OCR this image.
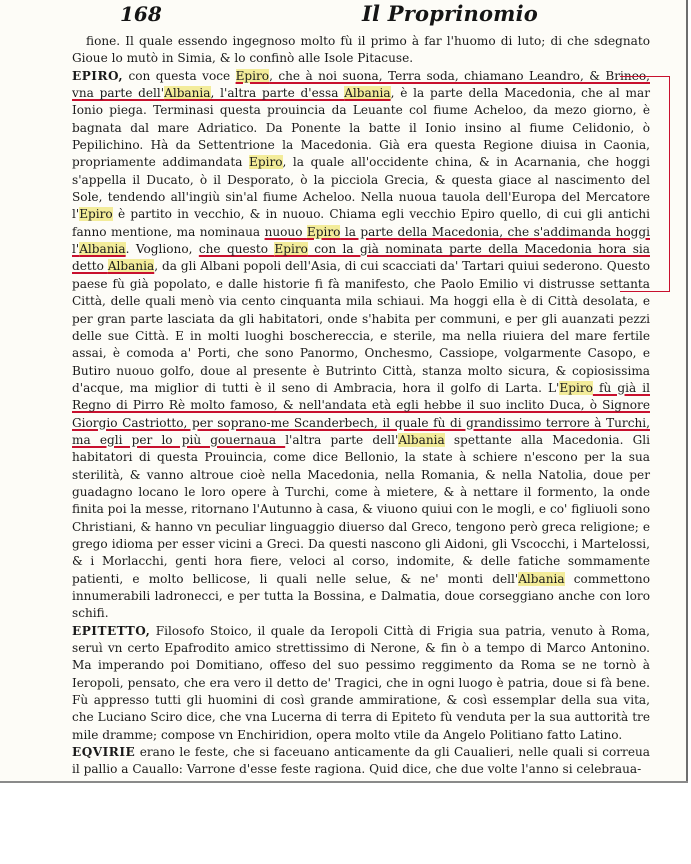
168	Il Proprinomio

fione. Il quale essendo ingegnoso molto fù il primo à far l'huomo di luto; di che sdegnato Gioue lo mutò in Simia, & lo confinò alle Isole Pitacuse.

EPIRO, con questa voce Epiro, che à noi suona, Terra soda, chiamano Leandro, & Brineo, vna parte dell'Albania, l'altra parte d'essa Albania, è la parte della Macedonia, che al mar Ionio piega. Terminasi questa prouincia da Leuante col fiume Acheloo, da mezo giorno, è bagnata dal mare Adriatico. Da Ponente la batte il Ionio insino al fiume Celidonio, ò Pepilichino. Hà da Settentrione la Macedonia. Già era questa Regione diuisa in Caonia, propriamente addimandata Epiro, la quale all'occidente china, & in Acarnania, che hoggi s'appella il Ducato, ò il Desporato, ò la picciola Grecia, & questa giace al nascimento del Sole, tendendo all'ingiù sin'al fiume Acheloo. Nella nuoua tauola dell'Europa del Mercatore l'Epiro è partito in vecchio, & in nuouo. Chiama egli vecchio Epiro quello, di cui gli antichi fanno mentione, ma nominaua nuouo Epiro la parte della Macedonia, che s'addimanda hoggi l'Albania. Vogliono, che questo Epiro con la già nominata parte della Macedonia hora sia detto Albania, da gli Albani popoli dell'Asia, di cui scacciati da' Tartari quiui sederono. Questo paese fù già popolato, e dalle historie fi fà manifesto, che Paolo Emilio vi distrusse settanta Città, delle quali menò via cento cinquanta mila schiaui. Ma hoggi ella è di Città desolata, e per gran parte lasciata da gli habitatori, onde s'habita per communi, e per gli auanzati pezzi delle sue Città. E in molti luoghi boschereccia, e sterile, ma nella riuiera del mare fertile assai, è comoda a' Porti, che sono Panormo, Onchesmo, Cassiope, volgarmente Casopo, e Butiro nuouo golfo, doue al presente è Butrinto Città, stanza molto sicura, & copiosissima d'acque, ma miglior di tutti è il seno di Ambracia, hora il golfo di Larta. L'Epiro fù già il Regno di Pirro Rè molto famoso, & nell'andata età egli hebbe il suo inclito Duca, ò Signore Giorgio Castriotto, per soprano-me Scanderbech, il quale fù di grandissimo terrore à Turchi, ma egli per lo più gouernaua l'altra parte dell'Albania spettante alla Macedonia. Gli habitatori di questa Prouincia, come dice Bellonio, la state à schiere n'escono per la sua sterilità, & vanno altroue cioè nella Macedonia, nella Romania, & nella Natolia, doue per guadagno locano le loro opere à Turchi, come à mietere, & à nettare il formento, la onde finita poi la messe, ritornano l'Autunno à casa, & viuono quiui con le mogli, e co' figliuoli sono Christiani, & hanno vn peculiar linguaggio diuerso dal Greco, tengono però greca religione; e grego idioma per esser vicini a Greci. Da questi nascono gli Aidoni, gli Vscocchi, i Martelossi, & i Morlacchi, genti hora fiere, veloci al corso, indomite, & delle fatiche sommamente patienti, e molto bellicose, li quali nelle selue, & ne' monti dell'Albania commettono innumerabili ladronecci, e per tutta la Bossina, e Dalmatia, doue corseggiano anche con loro schifi.

EPITETTO, Filosofo Stoico, il quale da Ieropoli Città di Frigia sua patria, venuto à Roma, seruì vn certo Epafrodito amico strettissimo di Nerone, & fin ò a tempo di Marco Antonino. Ma imperando poi Domitiano, offeso del suo pessimo reggimento da Roma se ne tornò à Ieropoli, pensato, che era vero il detto de' Tragici, che in ogni luogo è patria, doue si fà bene. Fù appresso tutti gli huomini di così grande ammiratione, & così essemplar della sua vita, che Luciano Sciro dice, che vna Lucerna di terra di Epiteto fù venduta per la sua auttorità tre mile dramme; compose vn Enchiridion, opera molto vtile da Angelo Politiano fatto Latino.

EQVIRIE erano le feste, che si faceuano anticamente da gli Caualieri, nelle quali si correua il pallio a Cauallo: Varrone d'esse feste ragiona. Quid dice, che due volte l'anno si celebraua-
